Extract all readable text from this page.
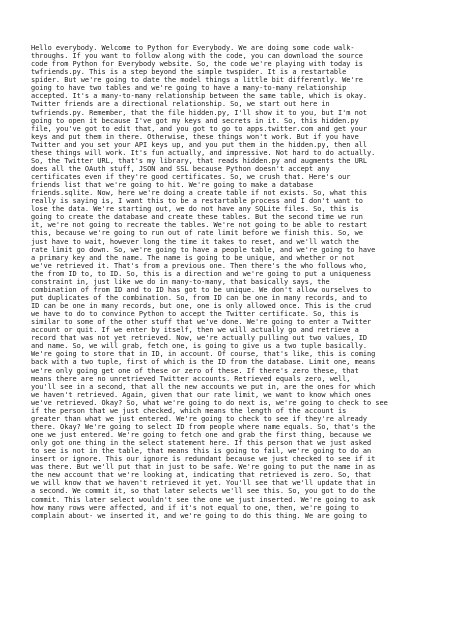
Hello everybody. Welcome to Python for Everybody. We are doing some code walk-
throughs. If you want to follow along with the code, you can download the source
code from Python for Everybody website. So, the code we're playing with today is
twfriends.py. This is a step beyond the simple twspider. It is a restartable
spider. But we're going to date the model things a little bit differently. We're
going to have two tables and we're going to have a many-to-many relationship
accepted. It's a many-to-many relationship between the same table, which is okay.
Twitter friends are a directional relationship. So, we start out here in
twfriends.py. Remember, that the file hidden.py, I'll show it to you, but I'm not
going to open it because I've got my keys and secrets in it. So, this hidden.py
file, you've got to edit that, and you got to go to apps.twitter.com and get your
keys and put them in there. Otherwise, these things won't work. But if you have
Twitter and you set your API keys up, and you put them in the hidden.py, then all
these things will work. It's fun actually, and impressive. Not hard to do actually.
So, the Twitter URL, that's my library, that reads hidden.py and augments the URL
does all the OAuth stuff, JSON and SSL because Python doesn't accept any
certificates even if they're good certificates. So, we crush that. Here's our
friends list that we're going to hit. We're going to make a database
friends.sqlite. Now, here we're doing a create table if not exists. So, what this
really is saying is, I want this to be a restartable process and I don't want to
lose the data. We're starting out, we do not have any SQLite files. So, this is
going to create the database and create these tables. But the second time we run
it, we're not going to recreate the tables. We're not going to be able to restart
this, because we're going to run out of rate limit before we finish this. So, we
just have to wait, however long the time it takes to reset, and we'll watch the
rate limit go down. So, we're going to have a people table, and we're going to have
a primary key and the name. The name is going to be unique, and whether or not
we've retrieved it. That's from a previous one. Then there's the who follows who,
the from ID to, to ID. So, this is a direction and we're going to put a uniqueness
constraint in, just like we do in many-to-many, that basically says, the
combination of from ID and to ID has got to be unique. We don't allow ourselves to
put duplicates of the combination. So, from ID can be one in many records, and to
ID can be one in many records, but one, one is only allowed once. This is the crud
we have to do to convince Python to accept the Twitter certificate. So, this is
similar to some of the other stuff that we've done. We're going to enter a Twitter
account or quit. If we enter by itself, then we will actually go and retrieve a
record that was not yet retrieved. Now, we're actually pulling out two values, ID
and name. So, we will grab, fetch one, is going to give us a two tuple basically.
We're going to store that in ID, in account. Of course, that's like, this is coming
back with a two tuple, first of which is the ID from the database. Limit one, means
we're only going get one of these or zero of these. If there's zero these, that
means there are no unretrieved Twitter accounts. Retrieved equals zero, well,
you'll see in a second, that all the new accounts we put in, are the ones for which
we haven't retrieved. Again, given that our rate limit, we want to know which ones
we've retrieved. Okay? So, what we're going to do next is, we're going to check to see
if the person that we just checked, which means the length of the account is
greater than what we just entered. We're going to check to see if they're already
there. Okay? We're going to select ID from people where name equals. So, that's the
one we just entered. We're going to fetch one and grab the first thing, because we
only got one thing in the select statement here. If this person that we just asked
to see is not in the table, that means this is going to fail, we're going to do an
insert or ignore. This our ignore is redundant because we just checked to see if it
was there. But we'll put that in just to be safe. We're going to put the name in as
the new account that we're looking at, indicating that retrieved is zero. So, that
we will know that we haven't retrieved it yet. You'll see that we'll update that in
a second. We commit it, so that later selects we'll see this. So, you got to do the
commit. This later select wouldn't see the one we just inserted. We're going to ask
how many rows were affected, and if it's not equal to one, then, we're going to
complain about- we inserted it, and we're going to do this thing. We are going to
